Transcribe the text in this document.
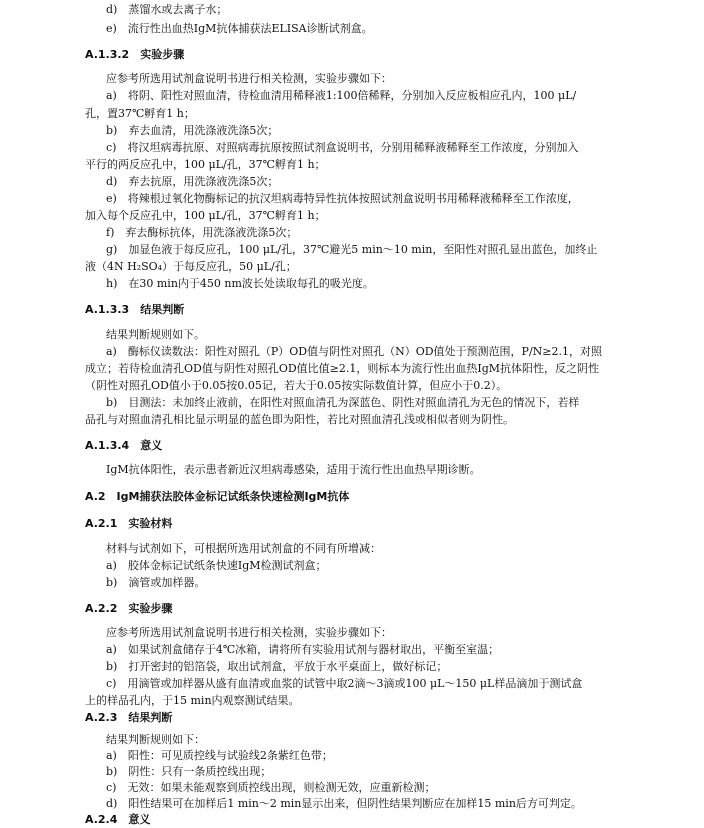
d)　蒸馏水或去离子水；
e)　流行性出血热IgM抗体捕获法ELISA诊断试剂盒。
A.1.3.2　实验步骤
应参考所选用试剂盒说明书进行相关检测，实验步骤如下：
a)　将阴、阳性对照血清，待检血清用稀释液1:100倍稀释，分别加入反应板相应孔内，100 μL/
孔，置37℃孵育1 h；
b)　弃去血清，用洗涤液洗涤5次；
c)　将汉坦病毒抗原、对照病毒抗原按照试剂盒说明书，分别用稀释液稀释至工作浓度，分别加入
平行的两反应孔中，100 μL/孔，37℃孵育1 h；
d)　弃去抗原，用洗涤液洗涤5次；
e)　将辣根过氧化物酶标记的抗汉坦病毒特异性抗体按照试剂盒说明书用稀释液稀释至工作浓度，
加入每个反应孔中，100 μL/孔，37℃孵育1 h；
f)　弃去酶标抗体，用洗涤液洗涤5次；
g)　加显色液于每反应孔，100 μL/孔，37℃避光5 min～10 min，至阳性对照孔显出蓝色，加终止
液（4N H₂SO₄）于每反应孔，50 μL/孔；
h)　在30 min内于450 nm波长处读取每孔的吸光度。
A.1.3.3　结果判断
结果判断规则如下。
a)　酶标仪读数法：阳性对照孔（P）OD值与阴性对照孔（N）OD值处于预测范围，P/N≥2.1，对照
成立；若待检血清孔OD值与阴性对照孔OD值比值≥2.1，则标本为流行性出血热IgM抗体阳性，反之阴性
（阴性对照孔OD值小于0.05按0.05记，若大于0.05按实际数值计算，但应小于0.2）。
b)　目测法：未加终止液前，在阳性对照血清孔为深蓝色、阴性对照血清孔为无色的情况下，若样
品孔与对照血清孔相比显示明显的蓝色即为阳性，若比对照血清孔浅或相似者则为阴性。
A.1.3.4　意义
IgM抗体阳性，表示患者新近汉坦病毒感染，适用于流行性出血热早期诊断。
A.2　IgM捕获法胶体金标记试纸条快速检测IgM抗体
A.2.1　实验材料
材料与试剂如下，可根据所选用试剂盒的不同有所增减：
a)　胶体金标记试纸条快速IgM检测试剂盒；
b)　滴管或加样器。
A.2.2　实验步骤
应参考所选用试剂盒说明书进行相关检测，实验步骤如下：
a)　如果试剂盒储存于4℃冰箱，请将所有实验用试剂与器材取出，平衡至室温；
b)　打开密封的铝箔袋，取出试剂盒，平放于水平桌面上，做好标记；
c)　用滴管或加样器从盛有血清或血浆的试管中取2滴～3滴或100 μL～150 μL样品滴加于测试盒
上的样品孔内，于15 min内观察测试结果。
A.2.3　结果判断
结果判断规则如下：
a)　阳性：可见质控线与试验线2条紫红色带；
b)　阴性：只有一条质控线出现；
c)　无效：如果未能观察到质控线出现，则检测无效，应重新检测；
d)　阳性结果可在加样后1 min～2 min显示出来，但阴性结果判断应在加样15 min后方可判定。
A.2.4　意义
